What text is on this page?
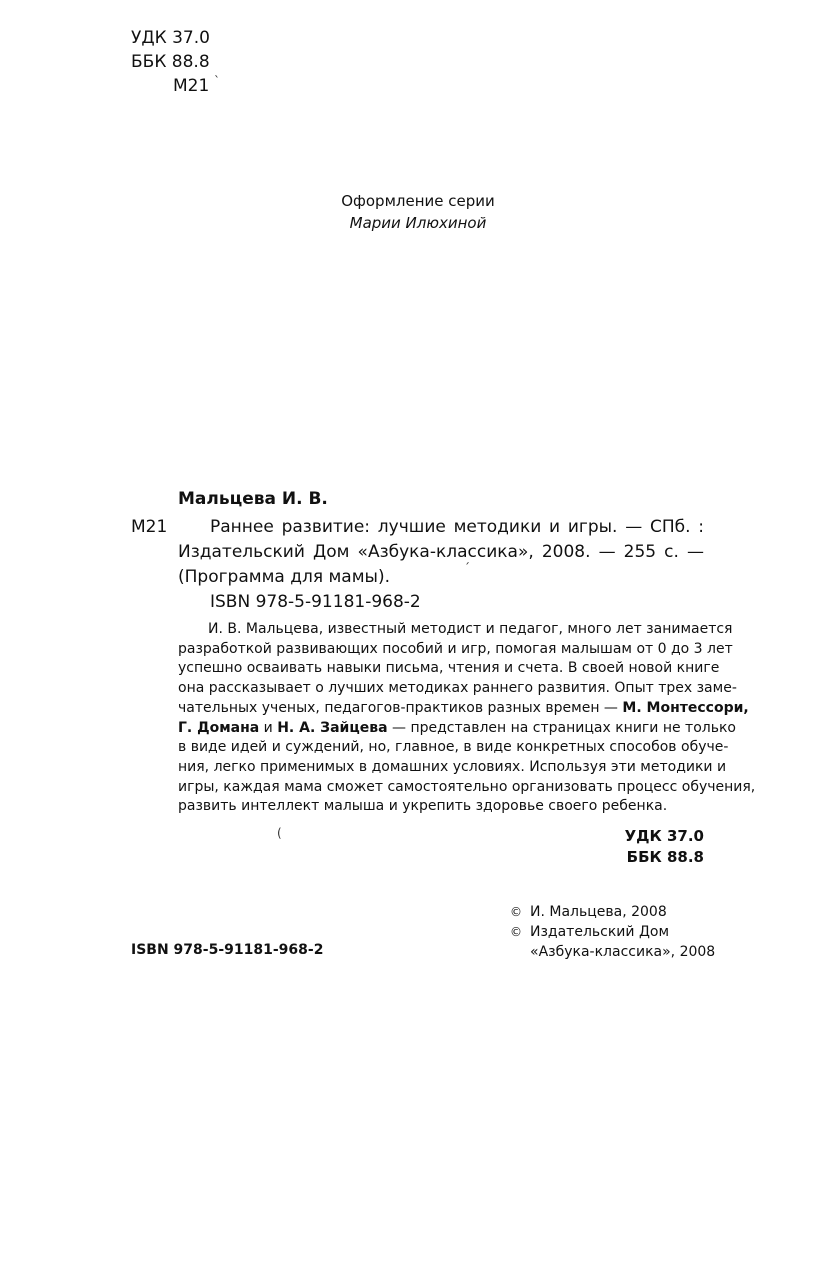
УДК 37.0
ББК 88.8
М21 `
Оформление серии
Марии Илюхиной
Мальцева И. В.
М21	Раннее развитие: лучшие методики и игры. — СПб. :
Издательский Дом «Азбука-классика», 2008. — 255 с. —
(Программа для мамы).	ˊ
ISBN 978-5-91181-968-2
И. В. Мальцева, известный методист и педагог, много лет занимается
разработкой развивающих пособий и игр, помогая малышам от 0 до 3 лет
успешно осваивать навыки письма, чтения и счета. В своей новой книге
она рассказывает о лучших методиках раннего развития. Опыт трех заме-
чательных ученых, педагогов-практиков разных времен — М. Монтессори,
Г. Домана и Н. А. Зайцева — представлен на страницах книги не только
в виде идей и суждений, но, главное, в виде конкретных способов обуче-
ния, легко применимых в домашних условиях. Используя эти методики и
игры, каждая мама сможет самостоятельно организовать процесс обучения,
развить интеллект малыша и укрепить здоровье своего ребенка.
(	УДК 37.0
ББК 88.8
© И. Мальцева, 2008
© Издательский Дом
«Азбука-классика», 2008
ISBN 978-5-91181-968-2
